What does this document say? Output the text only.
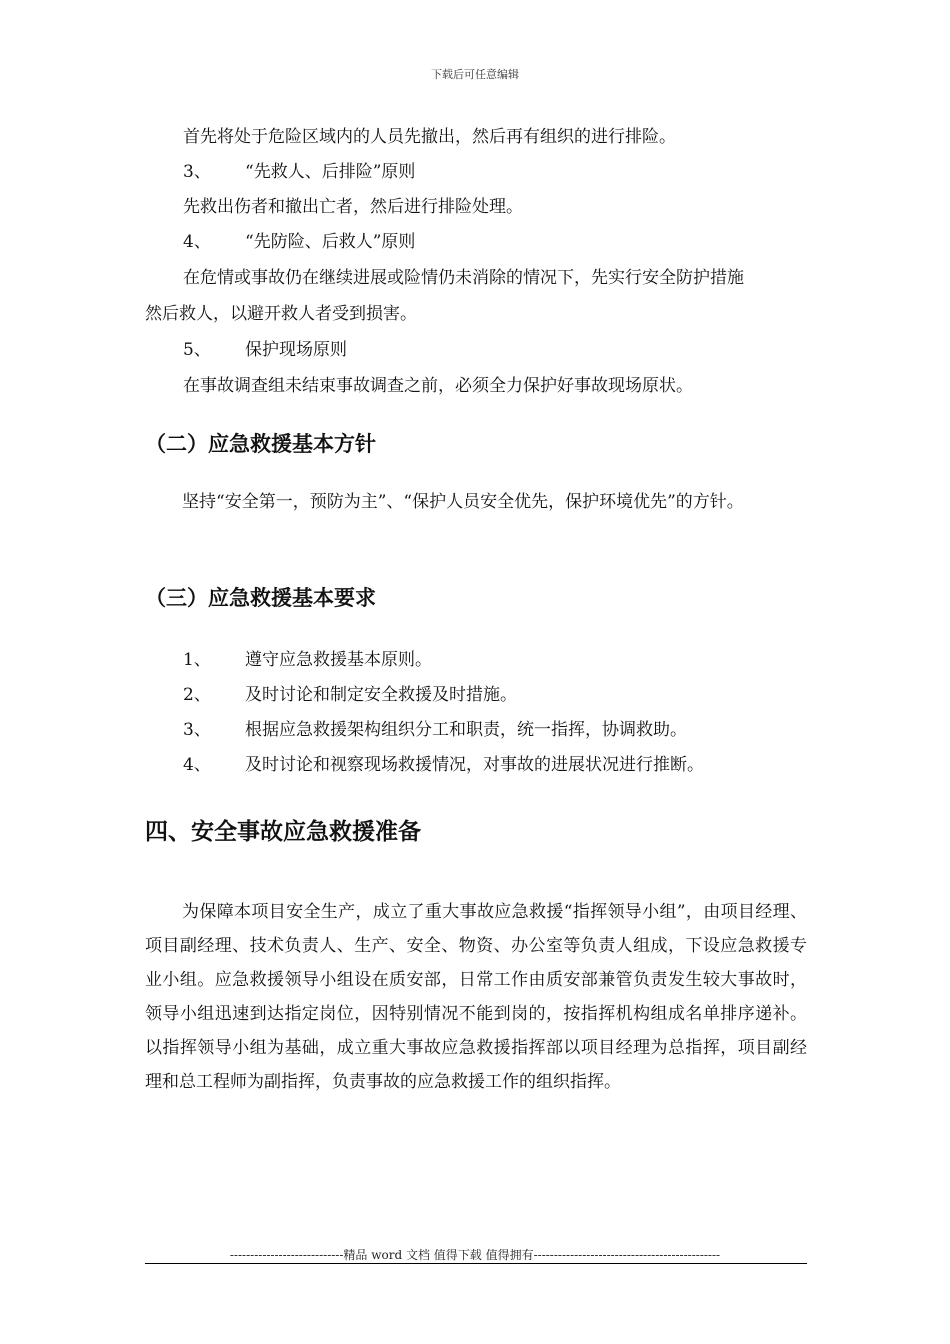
下载后可任意编辑
首先将处于危险区域内的人员先撤出，然后再有组织的进行排险。
3、 “先救人、后排险”原则
先救出伤者和撤出亡者，然后进行排险处理。
4、 “先防险、后救人”原则
在危情或事故仍在继续进展或险情仍未消除的情况下，先实行安全防护措施
然后救人，以避开救人者受到损害。
5、 保护现场原则
在事故调查组未结束事故调查之前，必须全力保护好事故现场原状。
（二）应急救援基本方针
坚持“安全第一，预防为主”、“保护人员安全优先，保护环境优先”的方针。
（三）应急救援基本要求
1、 遵守应急救援基本原则。
2、 及时讨论和制定安全救援及时措施。
3、 根据应急救援架构组织分工和职责，统一指挥，协调救助。
4、 及时讨论和视察现场救援情况，对事故的进展状况进行推断。
四、安全事故应急救援准备
为保障本项目安全生产，成立了重大事故应急救援“指挥领导小组”，由项目经理、项目副经理、技术负责人、生产、安全、物资、办公室等负责人组成，下设应急救援专业小组。应急救援领导小组设在质安部，日常工作由质安部兼管负责发生较大事故时，领导小组迅速到达指定岗位，因特别情况不能到岗的，按指挥机构组成名单排序递补。以指挥领导小组为基础，成立重大事故应急救援指挥部以项目经理为总指挥，项目副经理和总工程师为副指挥，负责事故的应急救援工作的组织指挥。
----------------------------精品 word 文档 值得下载 值得拥有----------------------------------------------
